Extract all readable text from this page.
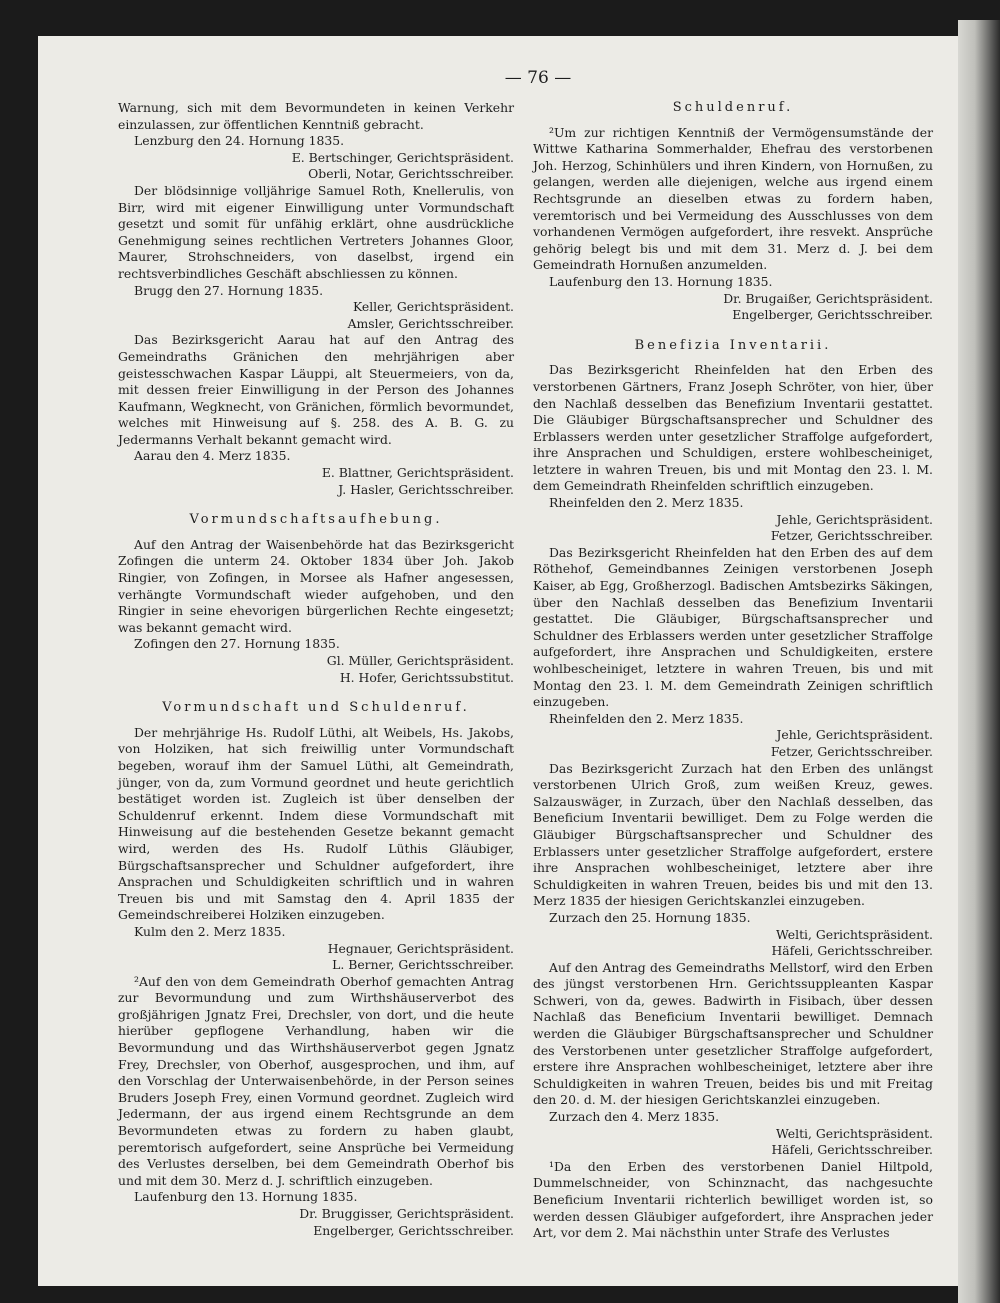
— 76 —

Warnung, sich mit dem Bevormundeten in keinen Verkehr einzulassen, zur öffentlichen Kenntniß gebracht.

Lenzburg den 24. Hornung 1835.

E. Bertschinger, Gerichtspräsident.

Oberli, Notar, Gerichtsschreiber.

Der blödsinnige volljährige Samuel Roth, Knellerulis, von Birr, wird mit eigener Einwilligung unter Vormundschaft gesetzt und somit für unfähig erklärt, ohne ausdrückliche Genehmigung seines rechtlichen Vertreters Johannes Gloor, Maurer, Strohschneiders, von daselbst, irgend ein rechtsverbindliches Geschäft abschliessen zu können.

Brugg den 27. Hornung 1835.

Keller, Gerichtspräsident.

Amsler, Gerichtsschreiber.

Das Bezirksgericht Aarau hat auf den Antrag des Gemeindraths Gränichen den mehrjährigen aber geistesschwachen Kaspar Läuppi, alt Steuermeiers, von da, mit dessen freier Einwilligung in der Person des Johannes Kaufmann, Wegknecht, von Gränichen, förmlich bevormundet, welches mit Hinweisung auf §. 258. des A. B. G. zu Jedermanns Verhalt bekannt gemacht wird.

Aarau den 4. Merz 1835.

E. Blattner, Gerichtspräsident.

J. Hasler, Gerichtsschreiber.

Vormundschaftsaufhebung.

Auf den Antrag der Waisenbehörde hat das Bezirksgericht Zofingen die unterm 24. Oktober 1834 über Joh. Jakob Ringier, von Zofingen, in Morsee als Hafner angesessen, verhängte Vormundschaft wieder aufgehoben, und den Ringier in seine ehevorigen bürgerlichen Rechte eingesetzt; was bekannt gemacht wird.

Zofingen den 27. Hornung 1835.

Gl. Müller, Gerichtspräsident.

H. Hofer, Gerichtssubstitut.

Vormundschaft und Schuldenruf.

Der mehrjährige Hs. Rudolf Lüthi, alt Weibels, Hs. Jakobs, von Holziken, hat sich freiwillig unter Vormundschaft begeben, worauf ihm der Samuel Lüthi, alt Gemeindrath, jünger, von da, zum Vormund geordnet und heute gerichtlich bestätiget worden ist. Zugleich ist über denselben der Schuldenruf erkennt. Indem diese Vormundschaft mit Hinweisung auf die bestehenden Gesetze bekannt gemacht wird, werden des Hs. Rudolf Lüthis Gläubiger, Bürgschaftsansprecher und Schuldner aufgefordert, ihre Ansprachen und Schuldigkeiten schriftlich und in wahren Treuen bis und mit Samstag den 4. April 1835 der Gemeindschreiberei Holziken einzugeben.

Kulm den 2. Merz 1835.

Hegnauer, Gerichtspräsident.

L. Berner, Gerichtsschreiber.

²Auf den von dem Gemeindrath Oberhof gemachten Antrag zur Bevormundung und zum Wirthshäuserverbot des großjährigen Jgnatz Frei, Drechsler, von dort, und die heute hierüber gepflogene Verhandlung, haben wir die Bevormundung und das Wirthshäuserverbot gegen Jgnatz Frey, Drechsler, von Oberhof, ausgesprochen, und ihm, auf den Vorschlag der Unterwaisenbehörde, in der Person seines Bruders Joseph Frey, einen Vormund geordnet. Zugleich wird Jedermann, der aus irgend einem Rechtsgrunde an dem Bevormundeten etwas zu fordern zu haben glaubt, peremtorisch aufgefordert, seine Ansprüche bei Vermeidung des Verlustes derselben, bei dem Gemeindrath Oberhof bis und mit dem 30. Merz d. J. schriftlich einzugeben.

Laufenburg den 13. Hornung 1835.

Dr. Bruggisser, Gerichtspräsident.

Engelberger, Gerichtsschreiber.

Schuldenruf.

²Um zur richtigen Kenntniß der Vermögensumstände der Wittwe Katharina Sommerhalder, Ehefrau des verstorbenen Joh. Herzog, Schinhülers und ihren Kindern, von Hornußen, zu gelangen, werden alle diejenigen, welche aus irgend einem Rechtsgrunde an dieselben etwas zu fordern haben, veremtorisch und bei Vermeidung des Ausschlusses von dem vorhandenen Vermögen aufgefordert, ihre resvekt. Ansprüche gehörig belegt bis und mit dem 31. Merz d. J. bei dem Gemeindrath Hornußen anzumelden.

Laufenburg den 13. Hornung 1835.

Dr. Brugaißer, Gerichtspräsident.

Engelberger, Gerichtsschreiber.

Benefizia Inventarii.

Das Bezirksgericht Rheinfelden hat den Erben des verstorbenen Gärtners, Franz Joseph Schröter, von hier, über den Nachlaß desselben das Benefizium Inventarii gestattet. Die Gläubiger Bürgschaftsansprecher und Schuldner des Erblassers werden unter gesetzlicher Straffolge aufgefordert, ihre Ansprachen und Schuldigen, erstere wohlbescheiniget, letztere in wahren Treuen, bis und mit Montag den 23. l. M. dem Gemeindrath Rheinfelden schriftlich einzugeben.

Rheinfelden den 2. Merz 1835.

Jehle, Gerichtspräsident.

Fetzer, Gerichtsschreiber.

Das Bezirksgericht Rheinfelden hat den Erben des auf dem Röthehof, Gemeindbannes Zeinigen verstorbenen Joseph Kaiser, ab Egg, Großherzogl. Badischen Amtsbezirks Säkingen, über den Nachlaß desselben das Benefizium Inventarii gestattet. Die Gläubiger, Bürgschaftsansprecher und Schuldner des Erblassers werden unter gesetzlicher Straffolge aufgefordert, ihre Ansprachen und Schuldigkeiten, erstere wohlbescheiniget, letztere in wahren Treuen, bis und mit Montag den 23. l. M. dem Gemeindrath Zeinigen schriftlich einzugeben.

Rheinfelden den 2. Merz 1835.

Jehle, Gerichtspräsident.

Fetzer, Gerichtsschreiber.

Das Bezirksgericht Zurzach hat den Erben des unlängst verstorbenen Ulrich Groß, zum weißen Kreuz, gewes. Salzauswäger, in Zurzach, über den Nachlaß desselben, das Beneficium Inventarii bewilliget. Dem zu Folge werden die Gläubiger Bürgschaftsansprecher und Schuldner des Erblassers unter gesetzlicher Straffolge aufgefordert, erstere ihre Ansprachen wohlbescheiniget, letztere aber ihre Schuldigkeiten in wahren Treuen, beides bis und mit den 13. Merz 1835 der hiesigen Gerichtskanzlei einzugeben.

Zurzach den 25. Hornung 1835.

Welti, Gerichtspräsident.

Häfeli, Gerichtsschreiber.

Auf den Antrag des Gemeindraths Mellstorf, wird den Erben des jüngst verstorbenen Hrn. Gerichtssuppleanten Kaspar Schweri, von da, gewes. Badwirth in Fisibach, über dessen Nachlaß das Beneficium Inventarii bewilliget. Demnach werden die Gläubiger Bürgschaftsansprecher und Schuldner des Verstorbenen unter gesetzlicher Straffolge aufgefordert, erstere ihre Ansprachen wohlbescheiniget, letztere aber ihre Schuldigkeiten in wahren Treuen, beides bis und mit Freitag den 20. d. M. der hiesigen Gerichtskanzlei einzugeben.

Zurzach den 4. Merz 1835.

Welti, Gerichtspräsident.

Häfeli, Gerichtsschreiber.

¹Da den Erben des verstorbenen Daniel Hiltpold, Dummelschneider, von Schinznacht, das nachgesuchte Beneficium Inventarii richterlich bewilliget worden ist, so werden dessen Gläubiger aufgefordert, ihre Ansprachen jeder Art, vor dem 2. Mai nächsthin unter Strafe des Verlustes
